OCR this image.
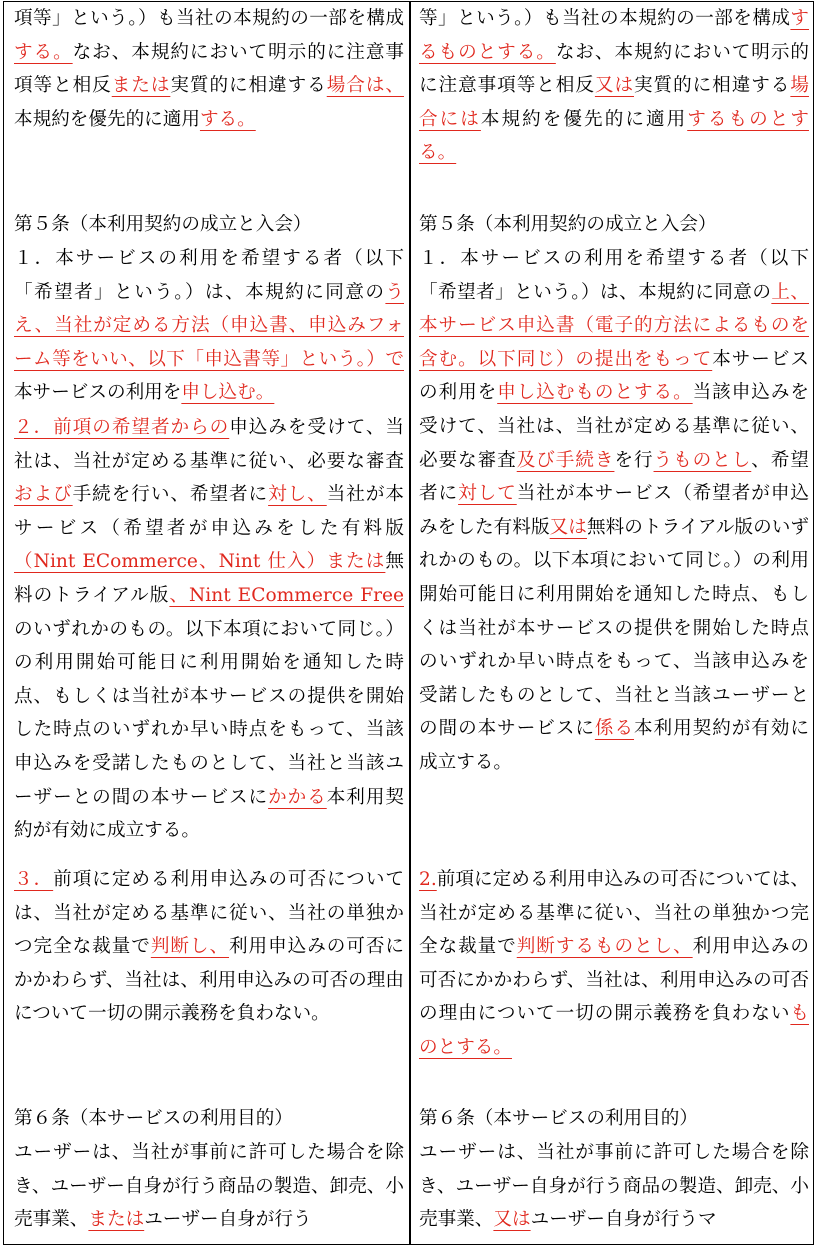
項等」という。）も当社の本規約の一部を構成する。なお、本規約において明示的に注意事項等と相反または実質的に相違する場合は、本規約を優先的に適用する。
第５条（本利用契約の成立と入会）
１．本サービスの利用を希望する者（以下「希望者」という。）は、本規約に同意のうえ、当社が定める方法（申込書、申込みフォーム等をいい、以下「申込書等」という。）で本サービスの利用を申し込む。
２．前項の希望者からの申込みを受けて、当社は、当社が定める基準に従い、必要な審査および手続を行い、希望者に対し、当社が本サービス（希望者が申込みをした有料版（Nint ECommerce、Nint 仕入）または無料のトライアル版、Nint ECommerce Freeのいずれかのもの。以下本項において同じ。）の利用開始可能日に利用開始を通知した時点、もしくは当社が本サービスの提供を開始した時点のいずれか早い時点をもって、当該申込みを受諾したものとして、当社と当該ユーザーとの間の本サービスにかかる本利用契約が有効に成立する。
３．前項に定める利用申込みの可否については、当社が定める基準に従い、当社の単独かつ完全な裁量で判断し、利用申込みの可否にかかわらず、当社は、利用申込みの可否の理由について一切の開示義務を負わない。
第６条（本サービスの利用目的）
ユーザーは、当社が事前に許可した場合を除き、ユーザー自身が行う商品の製造、卸売、小売事業、またはユーザー自身が行う
等」という。）も当社の本規約の一部を構成するものとする。なお、本規約において明示的に注意事項等と相反又は実質的に相違する場合には本規約を優先的に適用するものとする。
第５条（本利用契約の成立と入会）
１．本サービスの利用を希望する者（以下「希望者」という。）は、本規約に同意の上、本サービス申込書（電子的方法によるものを含む。以下同じ）の提出をもって本サービスの利用を申し込むものとする。当該申込みを受けて、当社は、当社が定める基準に従い、必要な審査及び手続きを行うものとし、希望者に対して当社が本サービス（希望者が申込みをした有料版又は無料のトライアル版のいずれかのもの。以下本項において同じ。）の利用開始可能日に利用開始を通知した時点、もしくは当社が本サービスの提供を開始した時点のいずれか早い時点をもって、当該申込みを受諾したものとして、当社と当該ユーザーとの間の本サービスに係る本利用契約が有効に成立する。
2.前項に定める利用申込みの可否については、当社が定める基準に従い、当社の単独かつ完全な裁量で判断するものとし、利用申込みの可否にかかわらず、当社は、利用申込みの可否の理由について一切の開示義務を負わないものとする。
第６条（本サービスの利用目的）
ユーザーは、当社が事前に許可した場合を除き、ユーザー自身が行う商品の製造、卸売、小売事業、又はユーザー自身が行うマ
